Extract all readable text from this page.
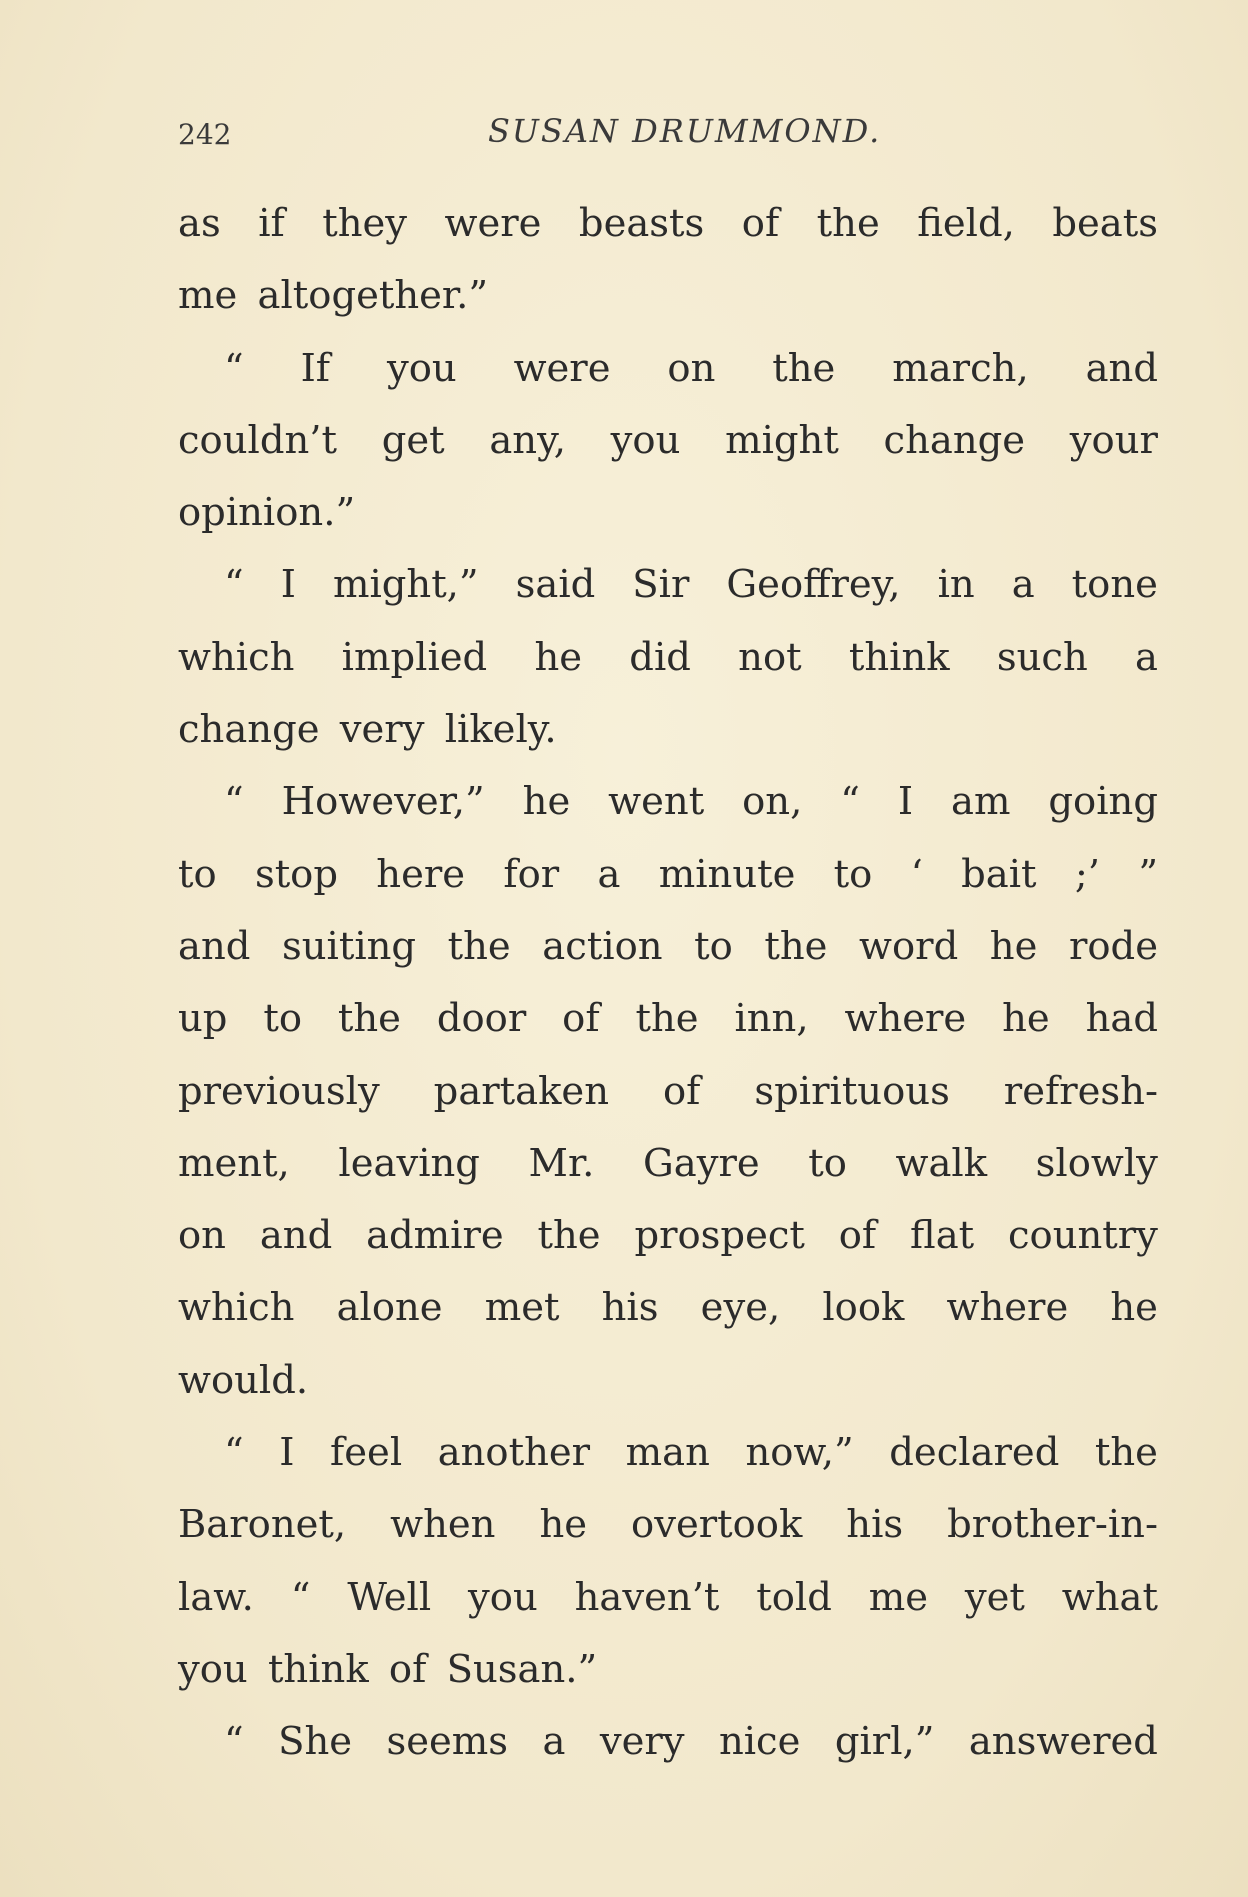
242	SUSAN DRUMMOND.
as if they were beasts of the field, beats
me altogether.”
“ If you were on the march, and
couldn’t get any, you might change your
opinion.”
“ I might,” said Sir Geoffrey, in a tone
which implied he did not think such a
change very likely.
“ However,” he went on, “ I am going
to stop here for a minute to ‘ bait ;’ ”
and suiting the action to the word he rode
up to the door of the inn, where he had
previously partaken of spirituous refresh-
ment, leaving Mr. Gayre to walk slowly
on and admire the prospect of flat country
which alone met his eye, look where he
would.
“ I feel another man now,” declared the
Baronet, when he overtook his brother-in-
law. “ Well you haven’t told me yet what
you think of Susan.”
“ She seems a very nice girl,” answered
